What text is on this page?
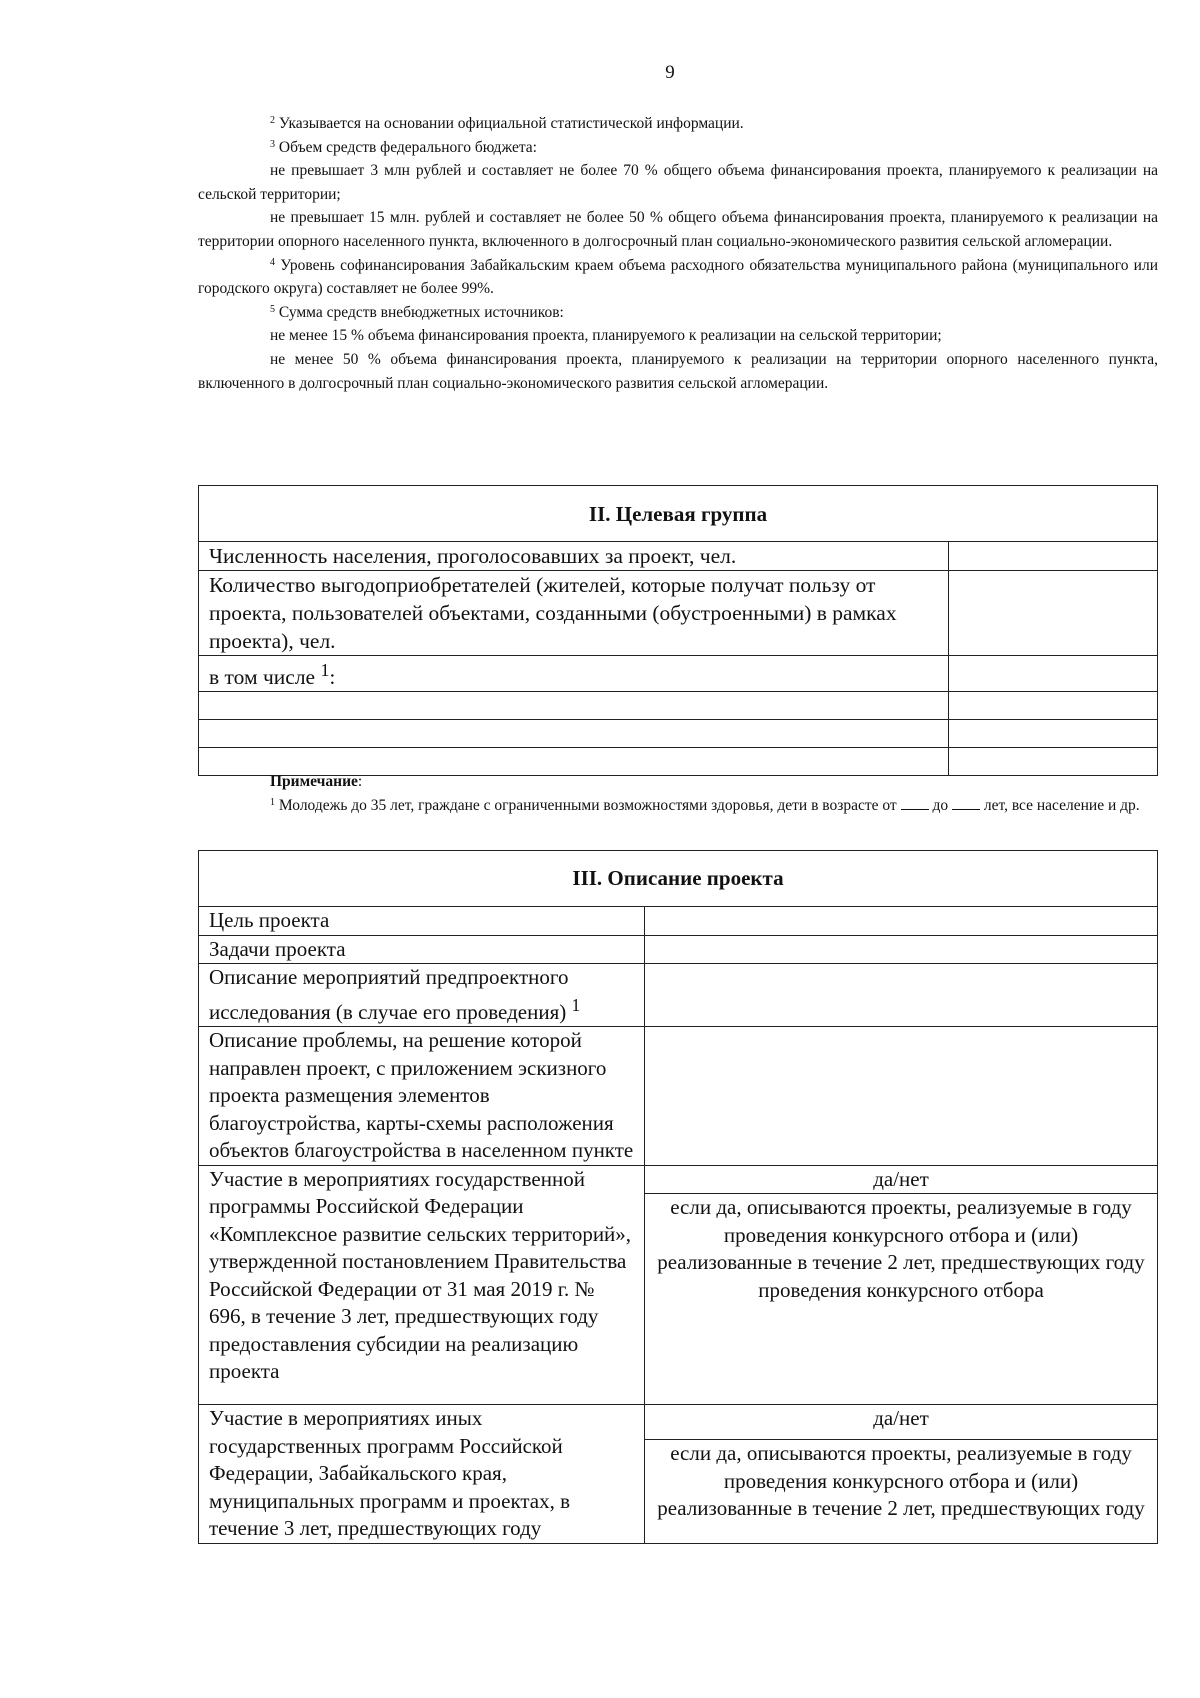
9

$^2$ Указывается на основании официальной статистической информации.

$^3$ Объем средств федерального бюджета:

не превышает 3 млн рублей и составляет не более 70 % общего объема финансирования проекта, планируемого к реализации на сельской территории;

не превышает 15 млн. рублей и составляет не более 50 % общего объема финансирования проекта, планируемого к реализации на территории опорного населенного пункта, включенного в долгосрочный план социально-экономического развития сельской агломерации.

$^4$ Уровень софинансирования Забайкальским краем объема расходного обязательства муниципального района (муниципального или городского округа) составляет не более 99%.

$^5$ Сумма средств внебюджетных источников:

не менее 15 % объема финансирования проекта, планируемого к реализации на сельской территории;

не менее 50 % объема финансирования проекта, планируемого к реализации на территории опорного населенного пункта, включенного в долгосрочный план социально-экономического развития сельской агломерации.

II. Целевая группа	
Численность населения, проголосовавших за проект, чел.	
Количество выгодоприобретателей (жителей, которые получат пользу от проекта, пользователей объектами, созданными (обустроенными) в рамках проекта), чел.	
в том числе $^1$:	

Примечание:

$^1$ Молодежь до 35 лет, граждане с ограниченными возможностями здоровья, дети в возрасте от до лет, все население и др.

III. Описание проекта	
Цель проекта	
Задачи проекта	
Описание мероприятий предпроектного исследования (в случае его проведения) $^1$	
Описание проблемы, на решение которой направлен проект, с приложением эскизного проекта размещения элементов благоустройства, карты-схемы расположения объектов благоустройства в населенном пункте	
Участие в мероприятиях государственной программы Российской Федерации «Комплексное развитие сельских территорий», утвержденной постановлением Правительства Российской Федерации от 31 мая 2019 г. № 696, в течение 3 лет, предшествующих году предоставления субсидии на реализацию проекта	да/нет
	если да, описываются проекты, реализуемые в году проведения конкурсного отбора и (или) реализованные в течение 2 лет, предшествующих году проведения конкурсного отбора
Участие в мероприятиях иных государственных программ Российской Федерации, Забайкальского края, муниципальных программ и проектах, в течение 3 лет, предшествующих году	да/нет
	если да, описываются проекты, реализуемые в году проведения конкурсного отбора и (или) реализованные в течение 2 лет, предшествующих году
